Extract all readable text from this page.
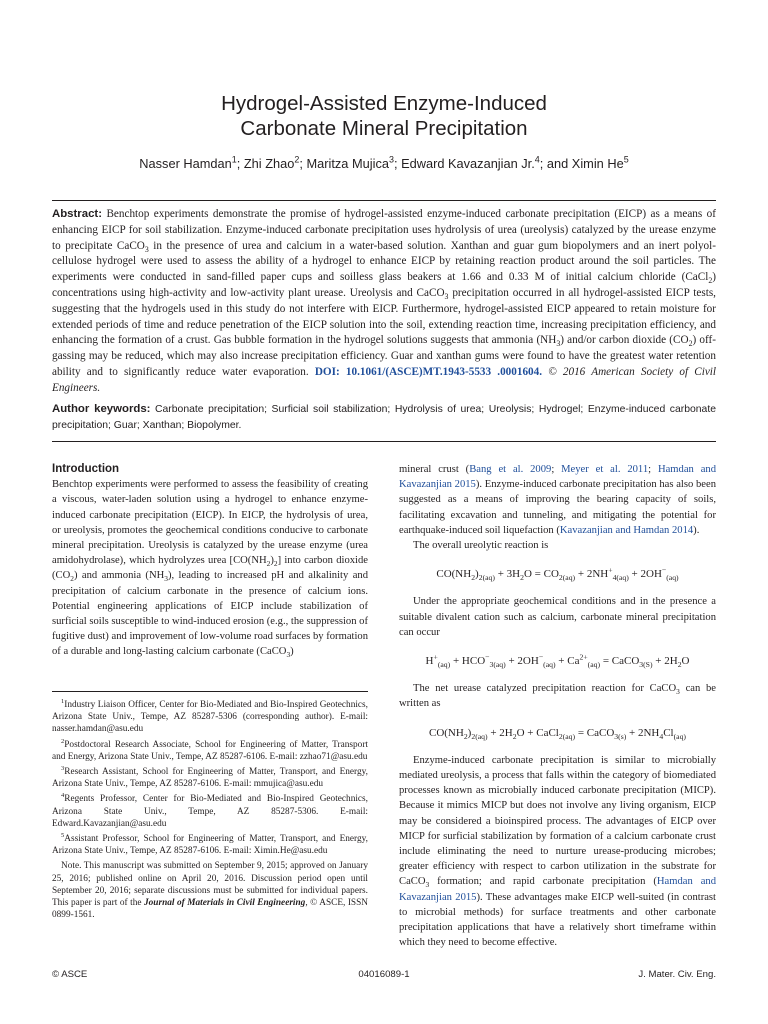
Hydrogel-Assisted Enzyme-Induced
Carbonate Mineral Precipitation
Nasser Hamdan$^1$; Zhi Zhao$^2$; Maritza Mujica$^3$; Edward Kavazanjian Jr.$^4$; and Ximin He$^5$
Abstract: Benchtop experiments demonstrate the promise of hydrogel-assisted enzyme-induced carbonate precipitation (EICP) as a means of enhancing EICP for soil stabilization. Enzyme-induced carbonate precipitation uses hydrolysis of urea (ureolysis) catalyzed by the urease enzyme to precipitate CaCO$_3$ in the presence of urea and calcium in a water-based solution. Xanthan and guar gum biopolymers and an inert polyol-cellulose hydrogel were used to assess the ability of a hydrogel to enhance EICP by retaining reaction product around the soil particles. The experiments were conducted in sand-filled paper cups and soilless glass beakers at 1.66 and 0.33 M of initial calcium chloride (CaCl$_2$) concentrations using high-activity and low-activity plant urease. Ureolysis and CaCO$_3$ precipitation occurred in all hydrogel-assisted EICP tests, suggesting that the hydrogels used in this study do not interfere with EICP. Furthermore, hydrogel-assisted EICP appeared to retain moisture for extended periods of time and reduce penetration of the EICP solution into the soil, extending reaction time, increasing precipitation efficiency, and enhancing the formation of a crust. Gas bubble formation in the hydrogel solutions suggests that ammonia $(NH_3)$ and/or carbon dioxide $(CO_2)$ off-gassing may be reduced, which may also increase precipitation efficiency. Guar and xanthan gums were found to have the greatest water retention ability and to significantly reduce water evaporation. DOI: 10.1061/(ASCE)MT.1943-5533 .0001604. © 2016 American Society of Civil Engineers.
Author keywords: Carbonate precipitation; Surficial soil stabilization; Hydrolysis of urea; Ureolysis; Hydrogel; Enzyme-induced carbonate precipitation; Guar; Xanthan; Biopolymer.

Introduction

Benchtop experiments were performed to assess the feasibility of creating a viscous, water-laden solution using a hydrogel to enhance enzyme-induced carbonate precipitation (EICP). In EICP, the hydrolysis of urea, or ureolysis, promotes the geochemical conditions conducive to carbonate mineral precipitation. Ureolysis is catalyzed by the urease enzyme (urea amidohydrolase), which hydrolyzes urea $[CO(NH_2)_2]$ into carbon dioxide $(CO_2)$ and ammonia $(NH_3)$, leading to increased pH and alkalinity and precipitation of calcium carbonate in the presence of calcium ions. Potential engineering applications of EICP include stabilization of surficial soils susceptible to wind-induced erosion (e.g., the suppression of fugitive dust) and improvement of low-volume road surfaces by formation of a durable and long-lasting calcium carbonate (CaCO$_3$)

$^1$Industry Liaison Officer, Center for Bio-Mediated and Bio-Inspired Geotechnics, Arizona State Univ., Tempe, AZ 85287-5306 (corresponding author). E-mail: nasser.hamdan@asu.edu

$^2$Postdoctoral Research Associate, School for Engineering of Matter, Transport and Energy, Arizona State Univ., Tempe, AZ 85287-6106. E-mail: zzhao71@asu.edu

$^3$Research Assistant, School for Engineering of Matter, Transport, and Energy, Arizona State Univ., Tempe, AZ 85287-6106. E-mail: mmujica@asu.edu

$^4$Regents Professor, Center for Bio-Mediated and Bio-Inspired Geotechnics, Arizona State Univ., Tempe, AZ 85287-5306. E-mail: Edward.Kavazanjian@asu.edu

$^5$Assistant Professor, School for Engineering of Matter, Transport, and Energy, Arizona State Univ., Tempe, AZ 85287-6106. E-mail: Ximin.He@asu.edu

Note. This manuscript was submitted on September 9, 2015; approved on January 25, 2016; published online on April 20, 2016. Discussion period open until September 20, 2016; separate discussions must be submitted for individual papers. This paper is part of the Journal of Materials in Civil Engineering, © ASCE, ISSN 0899-1561.

mineral crust (Bang et al. 2009; Meyer et al. 2011; Hamdan and Kavazanjian 2015). Enzyme-induced carbonate precipitation has also been suggested as a means of improving the bearing capacity of soils, facilitating excavation and tunneling, and mitigating the potential for earthquake-induced soil liquefaction (Kavazanjian and Hamdan 2014).

The overall ureolytic reaction is

$CO(NH_2)_{2(aq)} + 3H_2O = CO_{2(aq)} + 2NH^+_{4(aq)} + 2OH^-_{(aq)}$

Under the appropriate geochemical conditions and in the presence a suitable divalent cation such as calcium, carbonate mineral precipitation can occur

$H^+_{(aq)} + HCO^-_{3(aq)} + 2OH^-_{(aq)} + Ca^{2+}_{(aq)}$ = CaCO$_{3(S)}$ + $2H_2O$

The net urease catalyzed precipitation reaction for CaCO$_3$ can be written as

$CO(NH_2)_{2(aq)} + 2H_2O$ + CaCl$_{2(aq)}$ = CaCO$_{3(s)}$ + $2NH_4Cl_{(aq)}$

Enzyme-induced carbonate precipitation is similar to microbially mediated ureolysis, a process that falls within the category of biomediated processes known as microbially induced carbonate precipitation (MICP). Because it mimics MICP but does not involve any living organism, EICP may be considered a bioinspired process. The advantages of EICP over MICP for surficial stabilization by formation of a calcium carbonate crust include eliminating the need to nurture urease-producing microbes; greater efficiency with respect to carbon utilization in the substrate for CaCO$_3$ formation; and rapid carbonate precipitation (Hamdan and Kavazanjian 2015). These advantages make EICP well-suited (in contrast to microbial methods) for surface treatments and other carbonate precipitation applications that have a relatively short timeframe within which they need to become effective.

© ASCE	04016089-1	J. Mater. Civ. Eng.
